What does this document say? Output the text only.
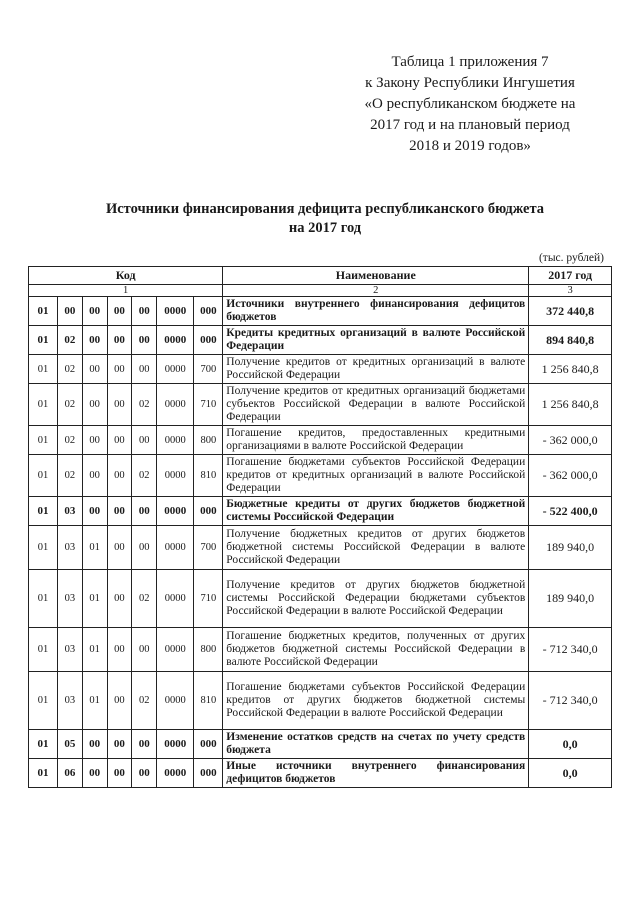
Таблица 1 приложения 7
к Закону Республики Ингушетия
«О республиканском бюджете на
2017 год и на плановый период
2018 и 2019 годов»
Источники финансирования дефицита республиканского бюджета
на 2017 год
(тыс. рублей)
Код							Наименование	2017 год
1							2	3
01	00	00	00	00	0000	000	Источники внутреннего финансирования дефицитов бюджетов	372 440,8
01	02	00	00	00	0000	000	Кредиты кредитных организаций в валюте Российской Федерации	894 840,8
01	02	00	00	00	0000	700	Получение кредитов от кредитных организаций в валюте Российской Федерации	1 256 840,8
01	02	00	00	02	0000	710	Получение кредитов от кредитных организаций бюджетами субъектов Российской Федерации в валюте Российской Федерации	1 256 840,8
01	02	00	00	00	0000	800	Погашение кредитов, предоставленных кредитными организациями в валюте Российской Федерации	- 362 000,0
01	02	00	00	02	0000	810	Погашение бюджетами субъектов Российской Федерации кредитов от кредитных организаций в валюте Российской Федерации	- 362 000,0
01	03	00	00	00	0000	000	Бюджетные кредиты от других бюджетов бюджетной системы Российской Федерации	- 522 400,0
01	03	01	00	00	0000	700	Получение бюджетных кредитов от других бюджетов бюджетной системы Российской Федерации в валюте Российской Федерации	189 940,0
01	03	01	00	02	0000	710	Получение кредитов от других бюджетов бюджетной системы Российской Федерации бюджетами субъектов Российской Федерации в валюте Российской Федерации	189 940,0
01	03	01	00	00	0000	800	Погашение бюджетных кредитов, полученных от других бюджетов бюджетной системы Российской Федерации в валюте Российской Федерации	- 712 340,0
01	03	01	00	02	0000	810	Погашение бюджетами субъектов Российской Федерации кредитов от других бюджетов бюджетной системы Российской Федерации в валюте Российской Федерации	- 712 340,0
01	05	00	00	00	0000	000	Изменение остатков средств на счетах по учету средств бюджета	0,0
01	06	00	00	00	0000	000	Иные источники внутреннего финансирования дефицитов бюджетов	0,0
